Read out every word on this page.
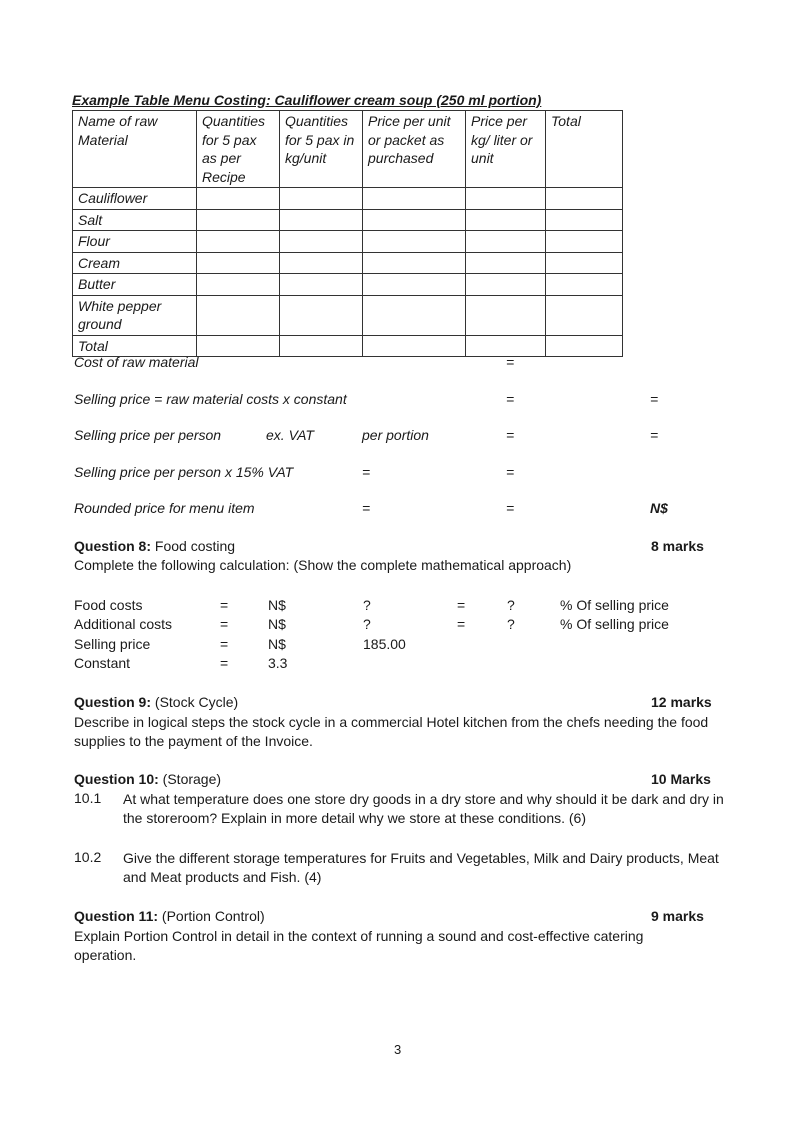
Example Table Menu Costing: Cauliflower cream soup (250 ml portion)
Name of raw Material	Quantities for 5 pax as per Recipe	Quantities for 5 pax in kg/unit	Price per unit or packet as purchased	Price per kg/ liter or unit	Total
Cauliflower					
Salt					
Flour					
Cream					
Butter					
White pepper ground					
Total					
Cost of raw material	=
Selling price = raw material costs x constant	=	=
Selling price per person	ex. VAT	per portion	=	=
Selling price per person x 15% VAT	=	=
Rounded price for menu item	=	=	N$
Question 8: Food costing	8 marks
Complete the following calculation: (Show the complete mathematical approach)
Food costs	=	N$	?	=	?	% Of selling price
Additional costs	=	N$	?	=	?	% Of selling price
Selling price	=	N$	185.00
Constant	=	3.3
Question 9: (Stock Cycle)	12 marks
Describe in logical steps the stock cycle in a commercial Hotel kitchen from the chefs needing the food supplies to the payment of the Invoice.
Question 10: (Storage)	10 Marks
10.1 At what temperature does one store dry goods in a dry store and why should it be dark and dry in the storeroom? Explain in more detail why we store at these conditions. (6)
10.2 Give the different storage temperatures for Fruits and Vegetables, Milk and Dairy products, Meat and Meat products and Fish. (4)
Question 11: (Portion Control)	9 marks
Explain Portion Control in detail in the context of running a sound and cost-effective catering operation.
3
